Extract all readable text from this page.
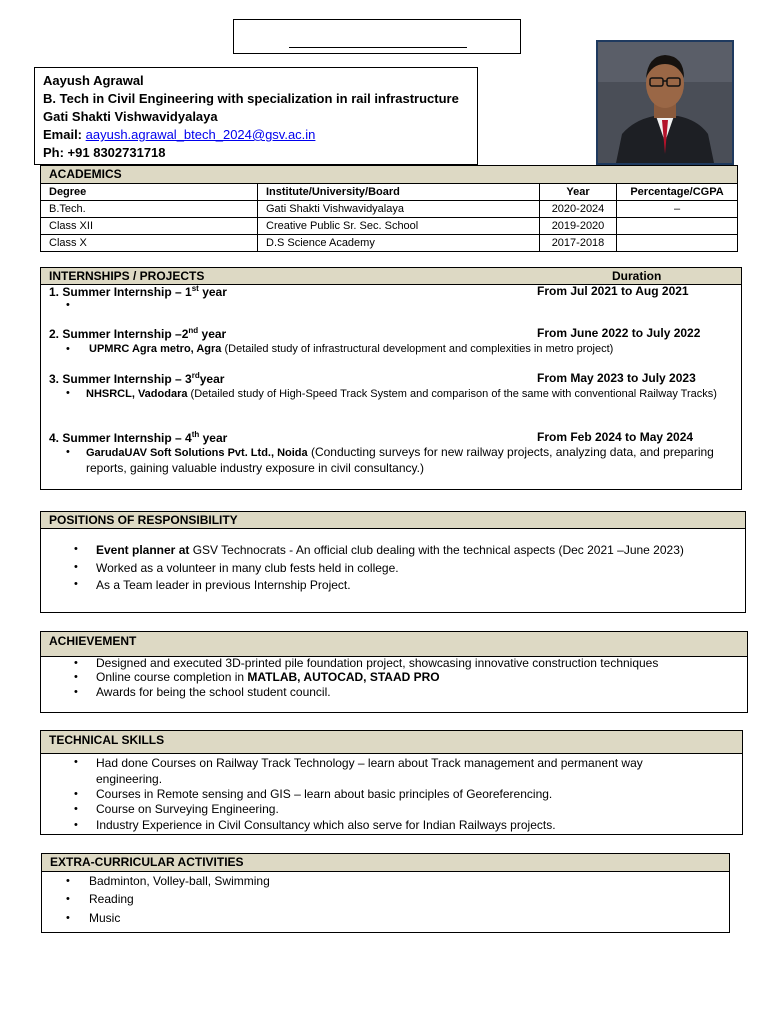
Aayush Agrawal
B. Tech in Civil Engineering with specialization in rail infrastructure
Gati Shakti Vishwavidyalaya
Email: aayush.agrawal_btech_2024@gsv.ac.in
Ph: +91 8302731718
ACADEMICS
Degree	Institute/University/Board	Year	Percentage/CGPA
B.Tech.	Gati Shakti Vishwavidyalaya	2020-2024	–
Class XII	Creative Public Sr. Sec. School	2019-2020	
Class X	D.S Science Academy	2017-2018	
INTERNSHIPS / PROJECTS	Duration
1. Summer Internship – 1st year	From Jul 2021 to Aug 2021
•
2. Summer Internship –2nd year	From June 2022 to July 2022
• UPMRC Agra metro, Agra (Detailed study of infrastructural development and complexities in metro project)
3. Summer Internship – 3rdyear	From May 2023 to July 2023
• NHSRCL, Vadodara (Detailed study of High-Speed Track System and comparison of the same with conventional Railway Tracks)
4. Summer Internship – 4th year	From Feb 2024 to May 2024
• GarudaUAV Soft Solutions Pvt. Ltd., Noida (Conducting surveys for new railway projects, analyzing data, and preparing reports, gaining valuable industry exposure in civil consultancy.)
POSITIONS OF RESPONSIBILITY
• Event planner at GSV Technocrats - An official club dealing with the technical aspects (Dec 2021 –June 2023)
• Worked as a volunteer in many club fests held in college.
• As a Team leader in previous Internship Project.
ACHIEVEMENT
• Designed and executed 3D-printed pile foundation project, showcasing innovative construction techniques
• Online course completion in MATLAB, AUTOCAD, STAAD PRO
• Awards for being the school student council.
TECHNICAL SKILLS
• Had done Courses on Railway Track Technology – learn about Track management and permanent way engineering.
• Courses in Remote sensing and GIS – learn about basic principles of Georeferencing.
• Course on Surveying Engineering.
• Industry Experience in Civil Consultancy which also serve for Indian Railways projects.
EXTRA-CURRICULAR ACTIVITIES
• Badminton, Volley-ball, Swimming
• Reading
• Music
